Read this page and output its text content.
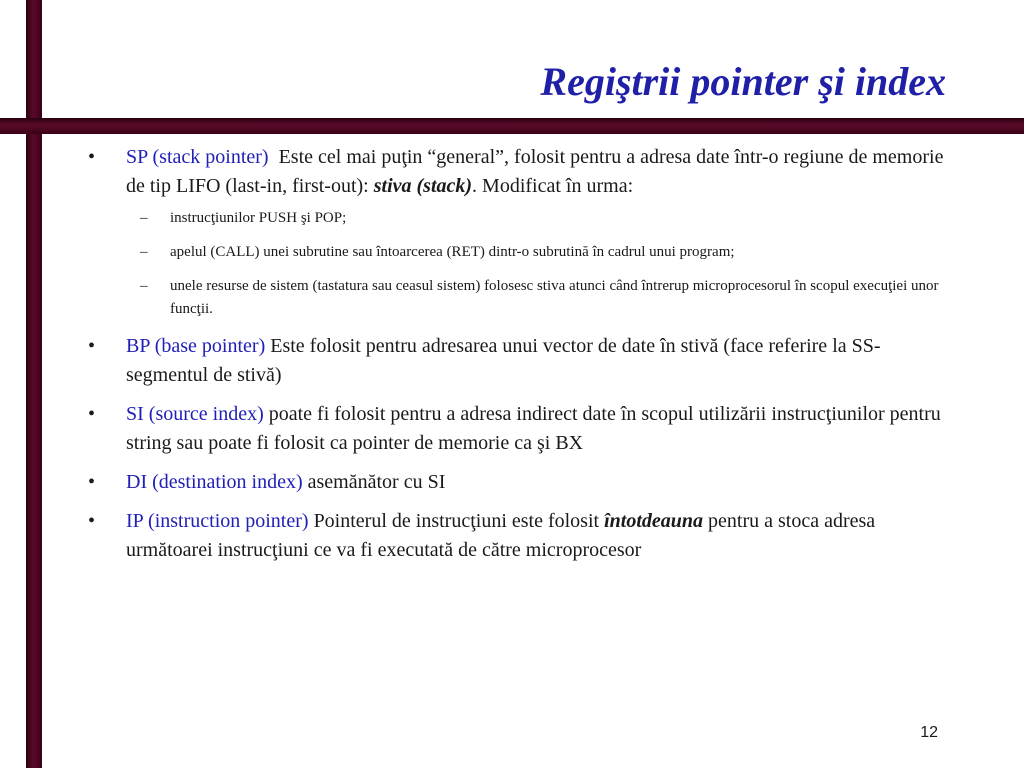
Regiştrii pointer şi index
• SP (stack pointer)  Este cel mai puţin “general”, folosit pentru a adresa date într-o regiune de memorie de tip LIFO (last-in, first-out): stiva (stack). Modificat în urma:
– instrucţiunilor PUSH şi POP;
– apelul (CALL) unei subrutine sau întoarcerea (RET) dintr-o subrutină în cadrul unui program;
– unele resurse de sistem (tastatura sau ceasul sistem) folosesc stiva atunci când întrerup microprocesorul în scopul execuţiei unor funcţii.
• BP (base pointer) Este folosit pentru adresarea unui vector de date în stivă (face referire la SS-segmentul de stivă)
• SI (source index) poate fi folosit pentru a adresa indirect date în scopul utilizării instrucţiunilor pentru string sau poate fi folosit ca pointer de memorie ca şi BX
• DI (destination index) asemănător cu SI
• IP (instruction pointer) Pointerul de instrucţiuni este folosit întotdeauna pentru a stoca adresa următoarei instrucţiuni ce va fi executată de către microprocesor
12
